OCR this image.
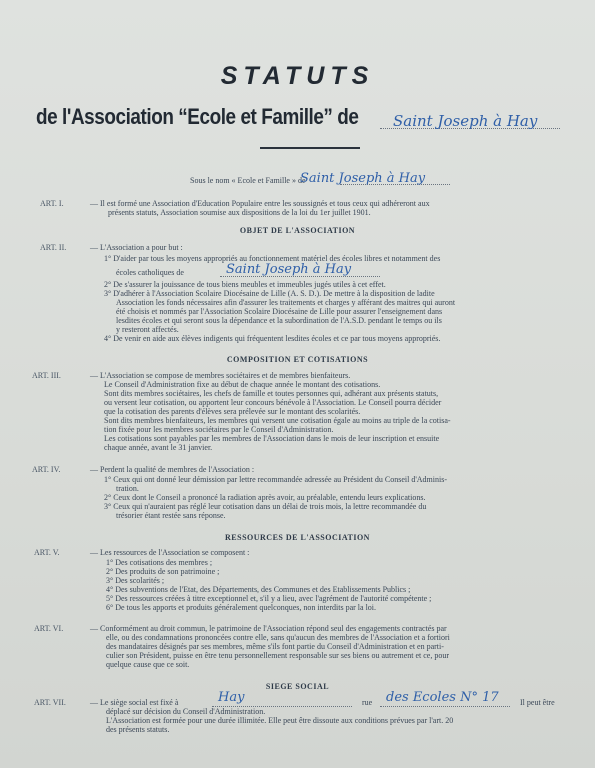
STATUTS
de l'Association “Ecole et Famille” de Saint Joseph à Hay
Sous le nom « Ecole et Famille » de
Saint Joseph à Hay
ART. I.	— Il est formé une Association d'Education Populaire entre les soussignés et tous ceux qui adhéreront aux
présents statuts, Association soumise aux dispositions de la loi du 1er juillet 1901.
OBJET DE L'ASSOCIATION
ART. II.	— L'Association a pour but :
1° D'aider par tous les moyens appropriés au fonctionnement matériel des écoles libres et notamment des
écoles catholiques de	Saint Joseph à Hay
2° De s'assurer la jouissance de tous biens meubles et immeubles jugés utiles à cet effet.
3° D'adhérer à l'Association Scolaire Diocésaine de Lille (A. S. D.). De mettre à la disposition de ladite
Association les fonds nécessaires afin d'assurer les traitements et charges y afférant des maitres qui auront
été choisis et nommés par l'Association Scolaire Diocésaine de Lille pour assurer l'enseignement dans
lesdites écoles et qui seront sous la dépendance et la subordination de l'A.S.D. pendant le temps ou ils
y resteront affectés.
4° De venir en aide aux élèves indigents qui fréquentent lesdites écoles et ce par tous moyens appropriés.
COMPOSITION ET COTISATIONS
ART. III.	— L'Association se compose de membres sociétaires et de membres bienfaiteurs.
Le Conseil d'Administration fixe au début de chaque année le montant des cotisations.
Sont dits membres sociétaires, les chefs de famille et toutes personnes qui, adhérant aux présents statuts,
ou versent leur cotisation, ou apportent leur concours bénévole à l'Association. Le Conseil pourra décider
que la cotisation des parents d'élèves sera prélevée sur le montant des scolarités.
Sont dits membres bienfaiteurs, les membres qui versent une cotisation égale au moins au triple de la cotisa-
tion fixée pour les membres sociétaires par le Conseil d'Administration.
Les cotisations sont payables par les membres de l'Association dans le mois de leur inscription et ensuite
chaque année, avant le 31 janvier.
ART. IV.	— Perdent la qualité de membres de l'Association :
1° Ceux qui ont donné leur démission par lettre recommandée adressée au Président du Conseil d'Adminis-
tration.
2° Ceux dont le Conseil a prononcé la radiation après avoir, au préalable, entendu leurs explications.
3° Ceux qui n'auraient pas réglé leur cotisation dans un délai de trois mois, la lettre recommandée du
trésorier étant restée sans réponse.
RESSOURCES DE L'ASSOCIATION
ART. V.	— Les ressources de l'Association se composent :
1° Des cotisations des membres ;
2° Des produits de son patrimoine ;
3° Des scolarités ;
4° Des subventions de l'Etat, des Départements, des Communes et des Etablissements Publics ;
5° Des ressources créées à titre exceptionnel et, s'il y a lieu, avec l'agrément de l'autorité compétente ;
6° De tous les apports et produits généralement quelconques, non interdits par la loi.
ART. VI.	— Conformément au droit commun, le patrimoine de l'Association répond seul des engagements contractés par
elle, ou des condamnations prononcées contre elle, sans qu'aucun des membres de l'Association et a fortiori
des mandataires désignés par ses membres, même s'ils font partie du Conseil d'Administration et en parti-
culier son Président, puisse en être tenu personnellement responsable sur ses biens ou autrement et ce, pour
quelque cause que ce soit.
SIEGE SOCIAL
ART. VII.	— Le siège social est fixé à	Hay	rue des Ecoles N° 17	Il peut être
déplacé sur décision du Conseil d'Administration.
L'Association est formée pour une durée illimitée. Elle peut être dissoute aux conditions prévues par l'art. 20
des présents statuts.
